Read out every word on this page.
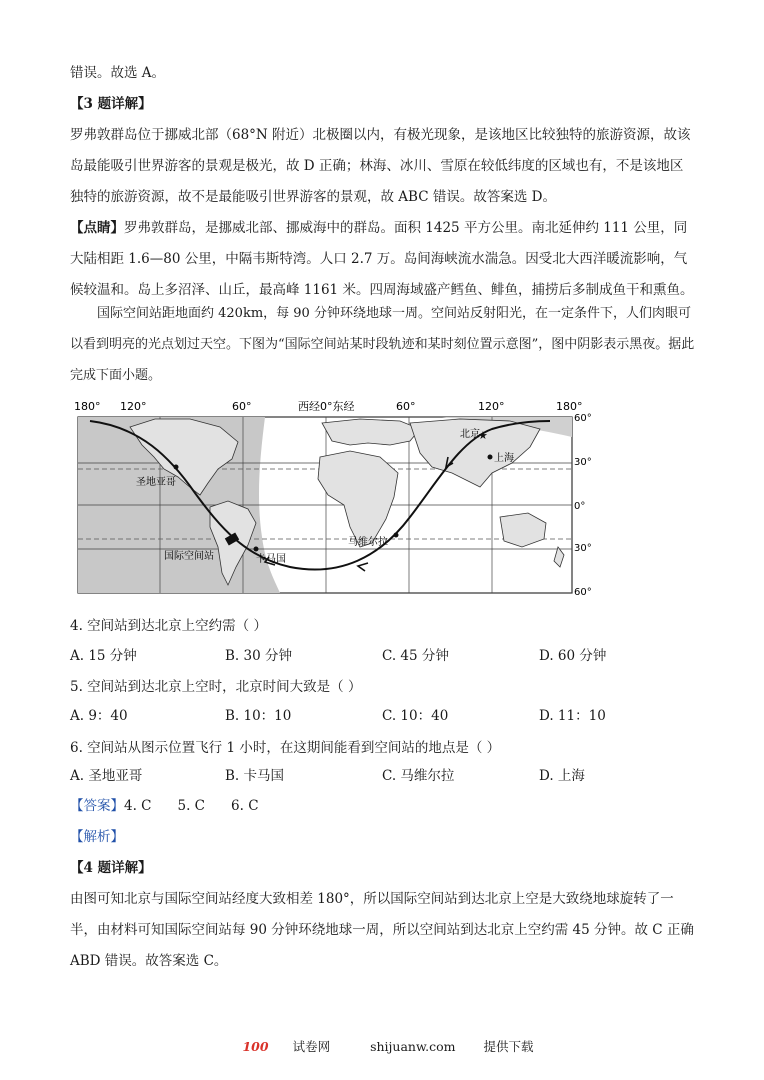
错误。故选 A。

【3 题详解】

罗弗敦群岛位于挪威北部（68°N 附近）北极圈以内，有极光现象，是该地区比较独特的旅游资源，故该岛最能吸引世界游客的景观是极光，故 D 正确；林海、冰川、雪原在较低纬度的区域也有，不是该地区独特的旅游资源，故不是最能吸引世界游客的景观，故 ABC 错误。故答案选 D。

【点睛】罗弗敦群岛，是挪威北部、挪威海中的群岛。面积 1425 平方公里。南北延伸约 111 公里，同大陆相距 1.6—80 公里，中隔韦斯特湾。人口 2.7 万。岛间海峡流水湍急。因受北大西洋暖流影响，气候较温和。岛上多沼泽、山丘，最高峰 1161 米。四周海域盛产鳕鱼、鲱鱼，捕捞后多制成鱼干和熏鱼。

国际空间站距地面约 420km，每 90 分钟环绕地球一周。空间站反射阳光，在一定条件下，人们肉眼可以看到明亮的光点划过天空。下图为“国际空间站某时段轨迹和某时刻位置示意图”，图中阴影表示黑夜。据此完成下面小题。

180° 120°	60°	西经0°东经	60°	120°	180°
圣地亚哥
国际空间站	卡马国
马维尔拉
★
北京
上海
60°
30°
0°
30°
60°

4. 空间站到达北京上空约需（ ）

A. 15 分钟	B. 30 分钟	C. 45 分钟	D. 60 分钟

5. 空间站到达北京上空时，北京时间大致是（ ）

A. 9：40	B. 10：10	C. 10：40	D. 11：10

6. 空间站从图示位置飞行 1 小时，在这期间能看到空间站的地点是（ ）

A. 圣地亚哥	B. 卡马国	C. 马维尔拉	D. 上海

【答案】4. C 5. C 6. C

【解析】

【4 题详解】

由图可知北京与国际空间站经度大致相差 180°，所以国际空间站到达北京上空是大致绕地球旋转了一半，由材料可知国际空间站每 90 分钟环绕地球一周，所以空间站到达北京上空约需 45 分钟。故 C 正确 ABD 错误。故答案选 C。

100 试卷网	shijuanw.com 提供下载
